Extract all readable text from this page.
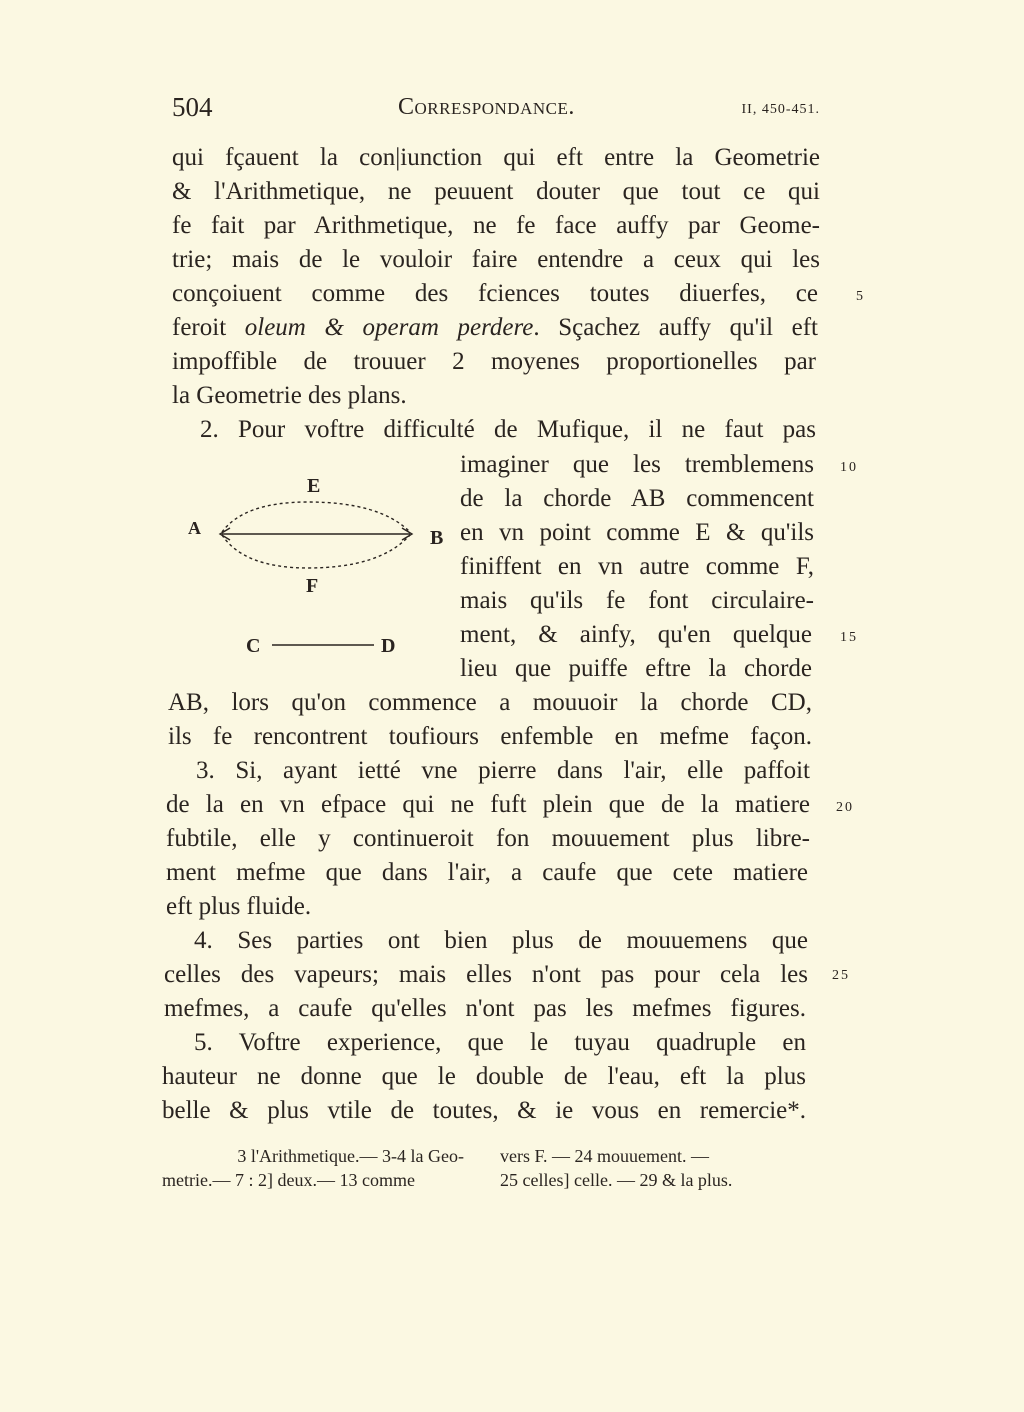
504	Correspondance.	II, 450-451.
qui fçauent la con|iunction qui eft entre la Geometrie
& l'Arithmetique, ne peuuent douter que tout ce qui
fe fait par Arithmetique, ne fe face auffy par Geome-
trie; mais de le vouloir faire entendre a ceux qui les
conçoiuent comme des fciences toutes diuerfes, ce
feroit oleum & operam perdere. Sçachez auffy qu'il eft
impoffible de trouuer 2 moyenes proportionelles par
la Geometrie des plans.
2. Pour voftre difficulté de Mufique, il ne faut pas
imaginer que les tremblemens
de la chorde AB commencent
en vn point comme E & qu'ils
finiffent en vn autre comme F,
mais qu'ils fe font circulaire-
ment, & ainfy, qu'en quelque
lieu que puiffe eftre la chorde
AB, lors qu'on commence a mouuoir la chorde CD,
ils fe rencontrent toufiours enfemble en mefme façon.
A	B
E
F
C	D
3. Si, ayant ietté vne pierre dans l'air, elle paffoit
de la en vn efpace qui ne fuft plein que de la matiere
fubtile, elle y continueroit fon mouuement plus libre-
ment mefme que dans l'air, a caufe que cete matiere
eft plus fluide.
4. Ses parties ont bien plus de mouuemens que
celles des vapeurs; mais elles n'ont pas pour cela les
mefmes, a caufe qu'elles n'ont pas les mefmes figures.
5. Voftre experience, que le tuyau quadruple en
hauteur ne donne que le double de l'eau, eft la plus
belle & plus vtile de toutes, & ie vous en remercie*.
5
10
15
20
25
3 l'Arithmetique.— 3-4 la Geo-
metrie.— 7 : 2] deux.— 13 comme
vers F. — 24 mouuement. —
25 celles] celle. — 29 & la plus.
